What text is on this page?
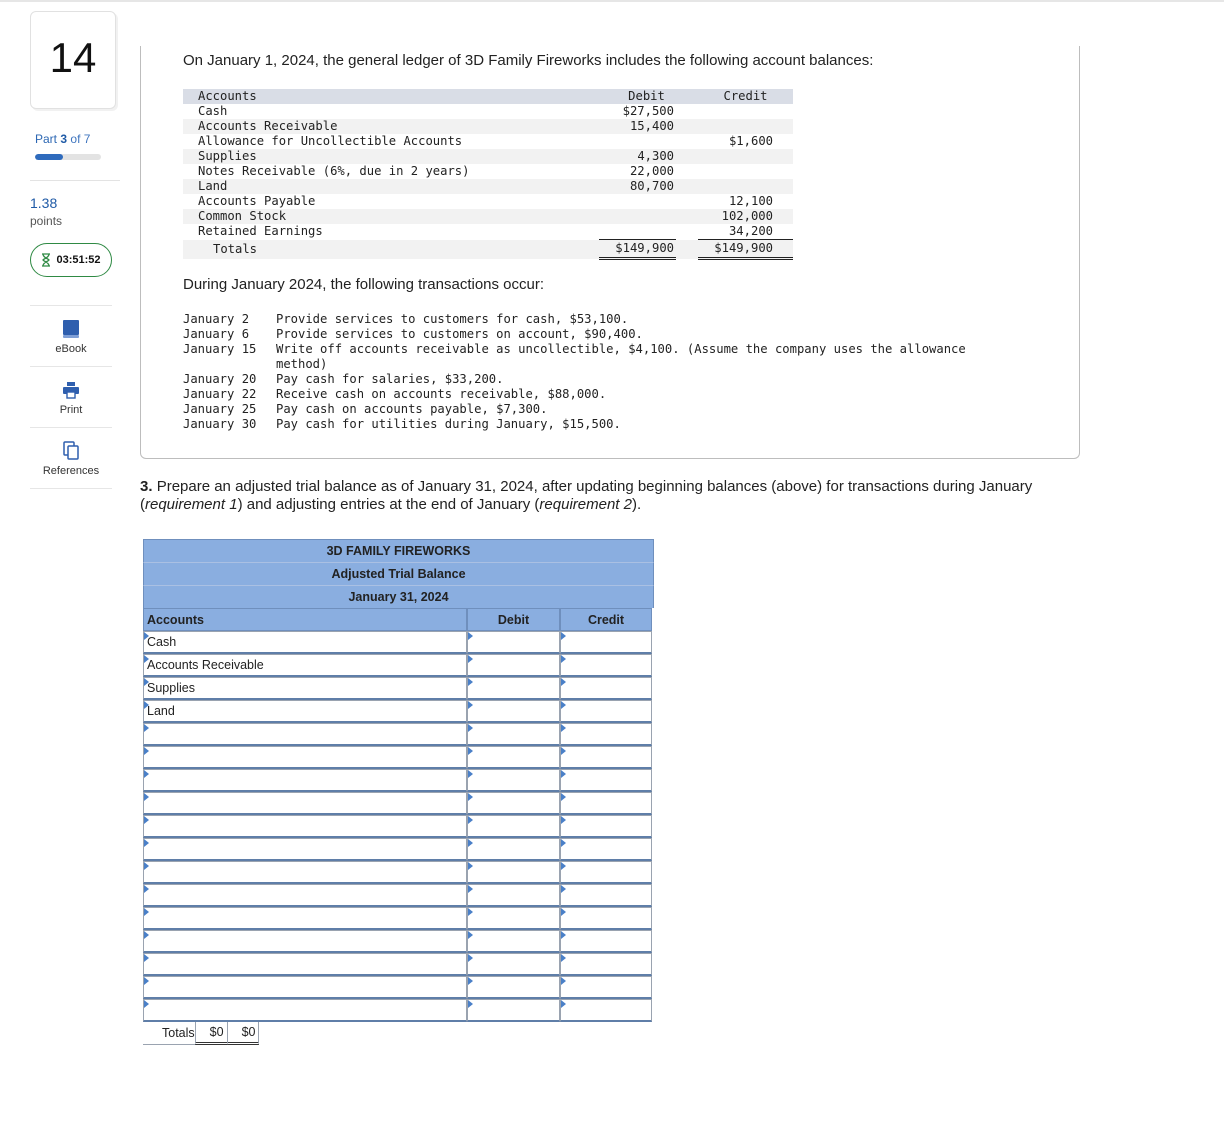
14
Part 3 of 7
1.38
points
03:51:52
eBook
Print
References
On January 1, 2024, the general ledger of 3D Family Fireworks includes the following account balances:
Accounts	Debit		Credit
Cash	$27,500		
Accounts Receivable	15,400		
Allowance for Uncollectible Accounts			$1,600
Supplies	4,300		
Notes Receivable (6%, due in 2 years)	22,000		
Land	80,700		
Accounts Payable			12,100
Common Stock			102,000
Retained Earnings			34,200
Totals	$149,900		$149,900
During January 2024, the following transactions occur:
January 2	Provide services to customers for cash, $53,100.
January 6	Provide services to customers on account, $90,400.
January 15	Write off accounts receivable as uncollectible, $4,100. (Assume the company uses the allowance method)
January 20	Pay cash for salaries, $33,200.
January 22	Receive cash on accounts receivable, $88,000.
January 25	Pay cash on accounts payable, $7,300.
January 30	Pay cash for utilities during January, $15,500.
3. Prepare an adjusted trial balance as of January 31, 2024, after updating beginning balances (above) for transactions during January (requirement 1) and adjusting entries at the end of January (requirement 2).
3D FAMILY FIREWORKS
Adjusted Trial Balance
January 31, 2024
Accounts	Debit	Credit
Cash
Accounts Receivable
Supplies
Land
Totals $ 0 $ 0
